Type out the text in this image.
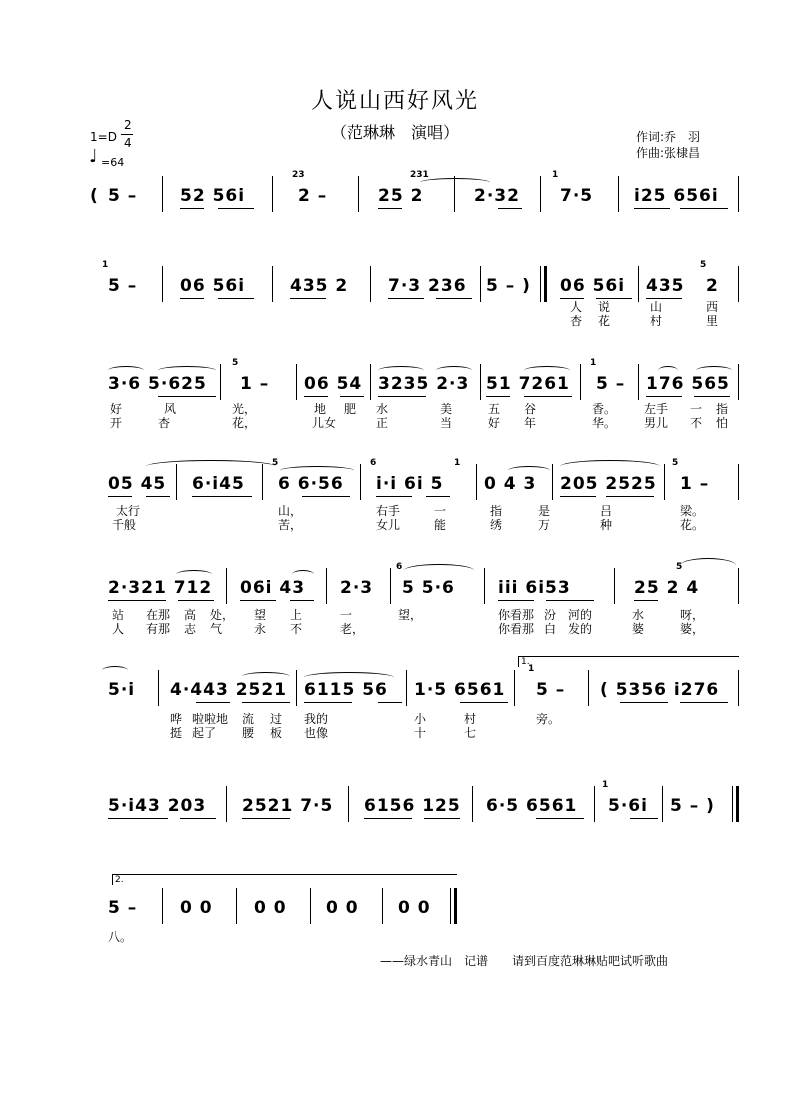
人说山西好风光
（范琳琳　演唱）	作词:乔　羽
作曲:张棣昌
1=D
2
4
♩ =64
( 5 –	52 56i
23
2 –
231
25 2	2·32
1
7·5 i25 656i
1
5 –	06 56i	435 2 7·3 236 5 – ) 06 56i 435
5
2
人 说	山	西
杏 花	村	里
3·6 5·625
5
1 – 06 54 3235 2·3 51 7261
1
5 – 176 565
好	风	光，	地 肥 水	美	五 谷	香。 左手 一 指
开	杏	花，	儿女	正	当	好 年	华。 男儿 不 怕
05 45 6·i45
5
6 6·56
6	1
i·i 6i 5 0 4 3 205 2525
5
1 –
太行	山，	右手	一	指	是	吕	梁。
千般	苦，	女儿	能	绣	万	种	花。
2·321 712 06i 43 2·3
6
5 5·6	iii 6i53
5
25 2 4
站 在那 高 处， 望 上	一	望，	你看那 汾 河的	水	呀，
人 有那 志 气	永 不	老，	你看那 白 发的	婆	婆，
5·i 4·443 2521 6115 56 1·5 6561
1.
1
5 – ( 5356 i276
哗 啦啦地 流 过 我的	小	村	旁。
挺 起了 腰 板 也像	十	七
5·i43 203 2521 7·5 6156 125 6·5 6561
1
5·6i 5 – )
2.
5 –	0 0 0 0 0 0 0 0
八。
——绿水青山　记谱　　请到百度范琳琳贴吧试听歌曲
